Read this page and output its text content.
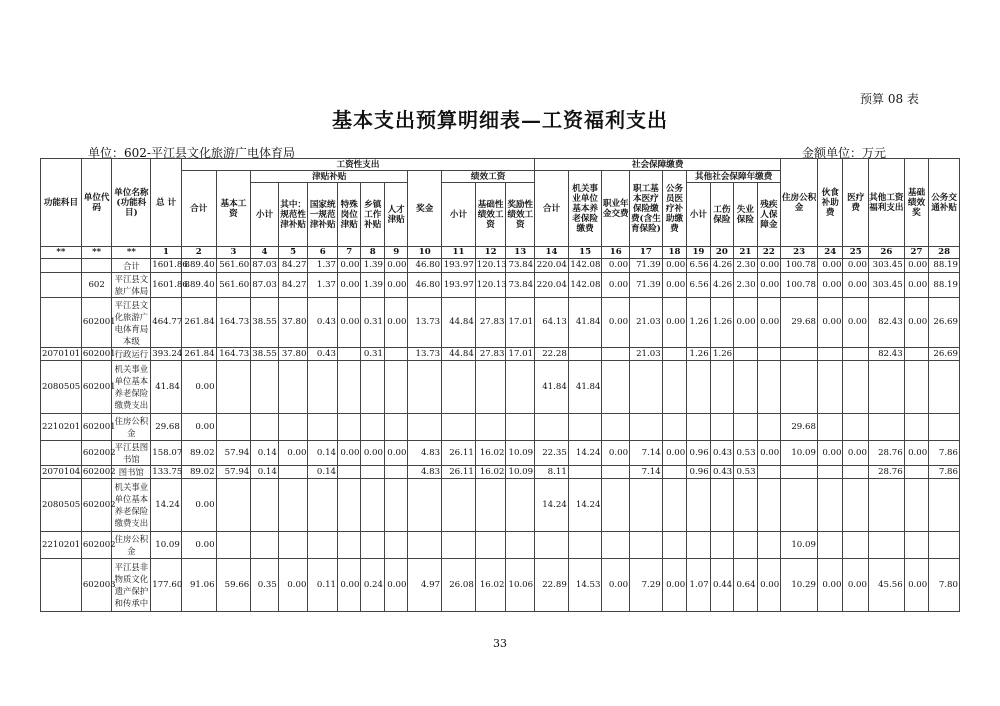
预算 08 表
基本支出预算明细表—工资福利支出
单位：602-平江县文化旅游广电体育局	金额单位：万元
功能科目	单位代码	单位名称(功能科目)	总 计	工资性支出												社会保障缴费									住房公积金	伙食补助费	医疗费	其他工资福利支出	基础绩效奖	公务交通补贴
				合计	基本工资	津贴补贴						奖金	绩效工资			合计	机关事业单位基本养老保险缴费	职业年金交费	职工基本医疗保险缴费(含生育保险)	公务员医疗补助缴费	其他社会保障年缴费									
						小计	其中：规范性津补贴	国家统一规范津补贴	特殊岗位津贴	乡镇工作补贴	人才津贴		小计	基础性绩效工资	奖励性绩效工资						小计	工伤保险	失业保险	残疾人保障金						
**	**	**	1	2	3	4	5	6	7	8	9	10	11	12	13	14	15	16	17	18	19	20	21	22	23	24	25	26	27	28
		合计	1601.86	889.40	561.60	87.03	84.27	1.37	0.00	1.39	0.00	46.80	193.97	120.13	73.84	220.04	142.08	0.00	71.39	0.00	6.56	4.26	2.30	0.00	100.78	0.00	0.00	303.45	0.00	88.19
	602	平江县文旅广体局	1601.86	889.40	561.60	87.03	84.27	1.37	0.00	1.39	0.00	46.80	193.97	120.13	73.84	220.04	142.08	0.00	71.39	0.00	6.56	4.26	2.30	0.00	100.78	0.00	0.00	303.45	0.00	88.19
	602001	平江县文化旅游广电体育局本级	464.77	261.84	164.73	38.55	37.80	0.43	0.00	0.31	0.00	13.73	44.84	27.83	17.01	64.13	41.84	0.00	21.03	0.00	1.26	1.26	0.00	0.00	29.68	0.00	0.00	82.43	0.00	26.69
2070101	602001	行政运行	393.24	261.84	164.73	38.55	37.80	0.43		0.31		13.73	44.84	27.83	17.01	22.28			21.03		1.26	1.26						82.43		26.69
2080505	602001	机关事业单位基本养老保险缴费支出	41.84	0.00												41.84	41.84													
2210201	602001	住房公积金	29.68	0.00																					29.68					
	602002	平江县图书馆	158.07	89.02	57.94	0.14	0.00	0.14	0.00	0.00	0.00	4.83	26.11	16.02	10.09	22.35	14.24	0.00	7.14	0.00	0.96	0.43	0.53	0.00	10.09	0.00	0.00	28.76	0.00	7.86
2070104	602002	图书馆	133.75	89.02	57.94	0.14		0.14				4.83	26.11	16.02	10.09	8.11			7.14		0.96	0.43	0.53					28.76		7.86
2080505	602002	机关事业单位基本养老保险缴费支出	14.24	0.00												14.24	14.24													
2210201	602002	住房公积金	10.09	0.00																					10.09					
	602003	平江县非物质文化遗产保护和传承中	177.60	91.06	59.66	0.35	0.00	0.11	0.00	0.24	0.00	4.97	26.08	16.02	10.06	22.89	14.53	0.00	7.29	0.00	1.07	0.44	0.64	0.00	10.29	0.00	0.00	45.56	0.00	7.80
33
